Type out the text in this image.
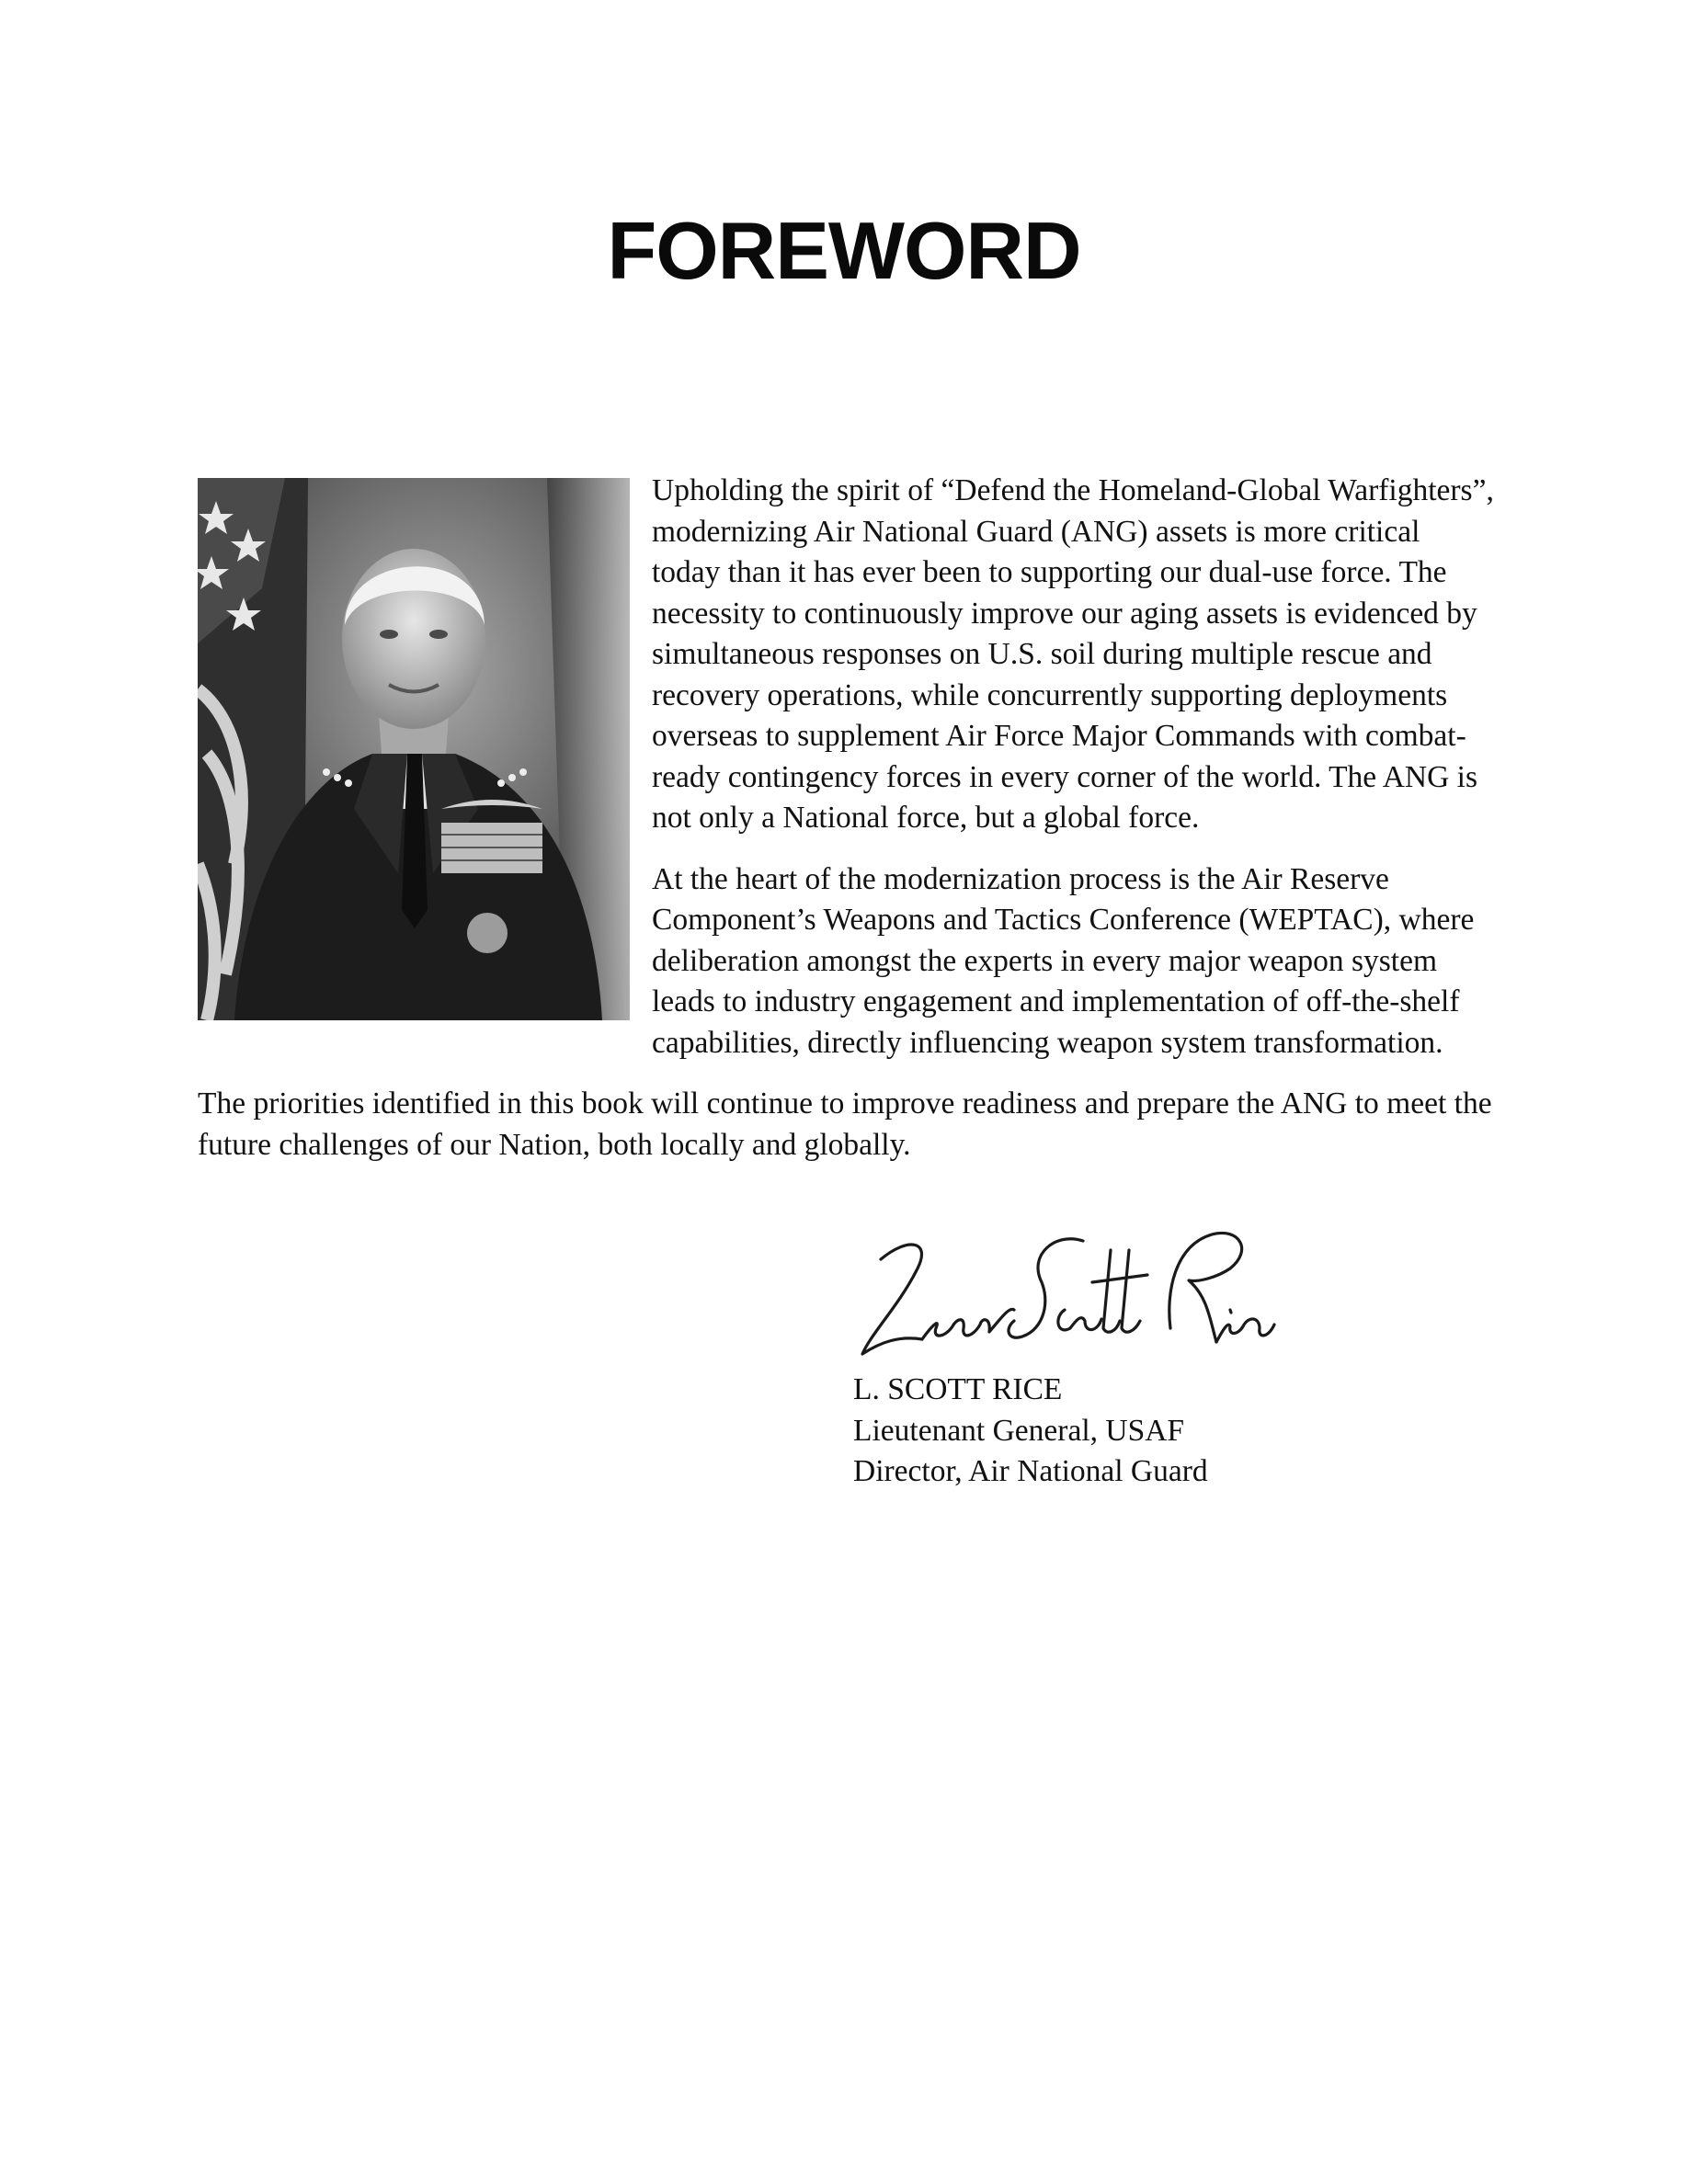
FOREWORD

Upholding the spirit of “Defend the Homeland-Global Warfighters”, modernizing Air National Guard (ANG) assets is more critical today than it has ever been to supporting our dual-use force. The necessity to continuously improve our aging assets is evidenced by simultaneous responses on U.S. soil during multiple rescue and recovery operations, while concurrently supporting deployments overseas to supplement Air Force Major Commands with combat-ready contingency forces in every corner of the world. The ANG is not only a National force, but a global force.

At the heart of the modernization process is the Air Reserve Component’s Weapons and Tactics Conference (WEPTAC), where deliberation amongst the experts in every major weapon system leads to industry engagement and implementation of off-the-shelf capabilities, directly influencing weapon system transformation.

The priorities identified in this book will continue to improve readiness and prepare the ANG to meet the future challenges of our Nation, both locally and globally.

L. SCOTT RICE
Lieutenant General, USAF
Director, Air National Guard
